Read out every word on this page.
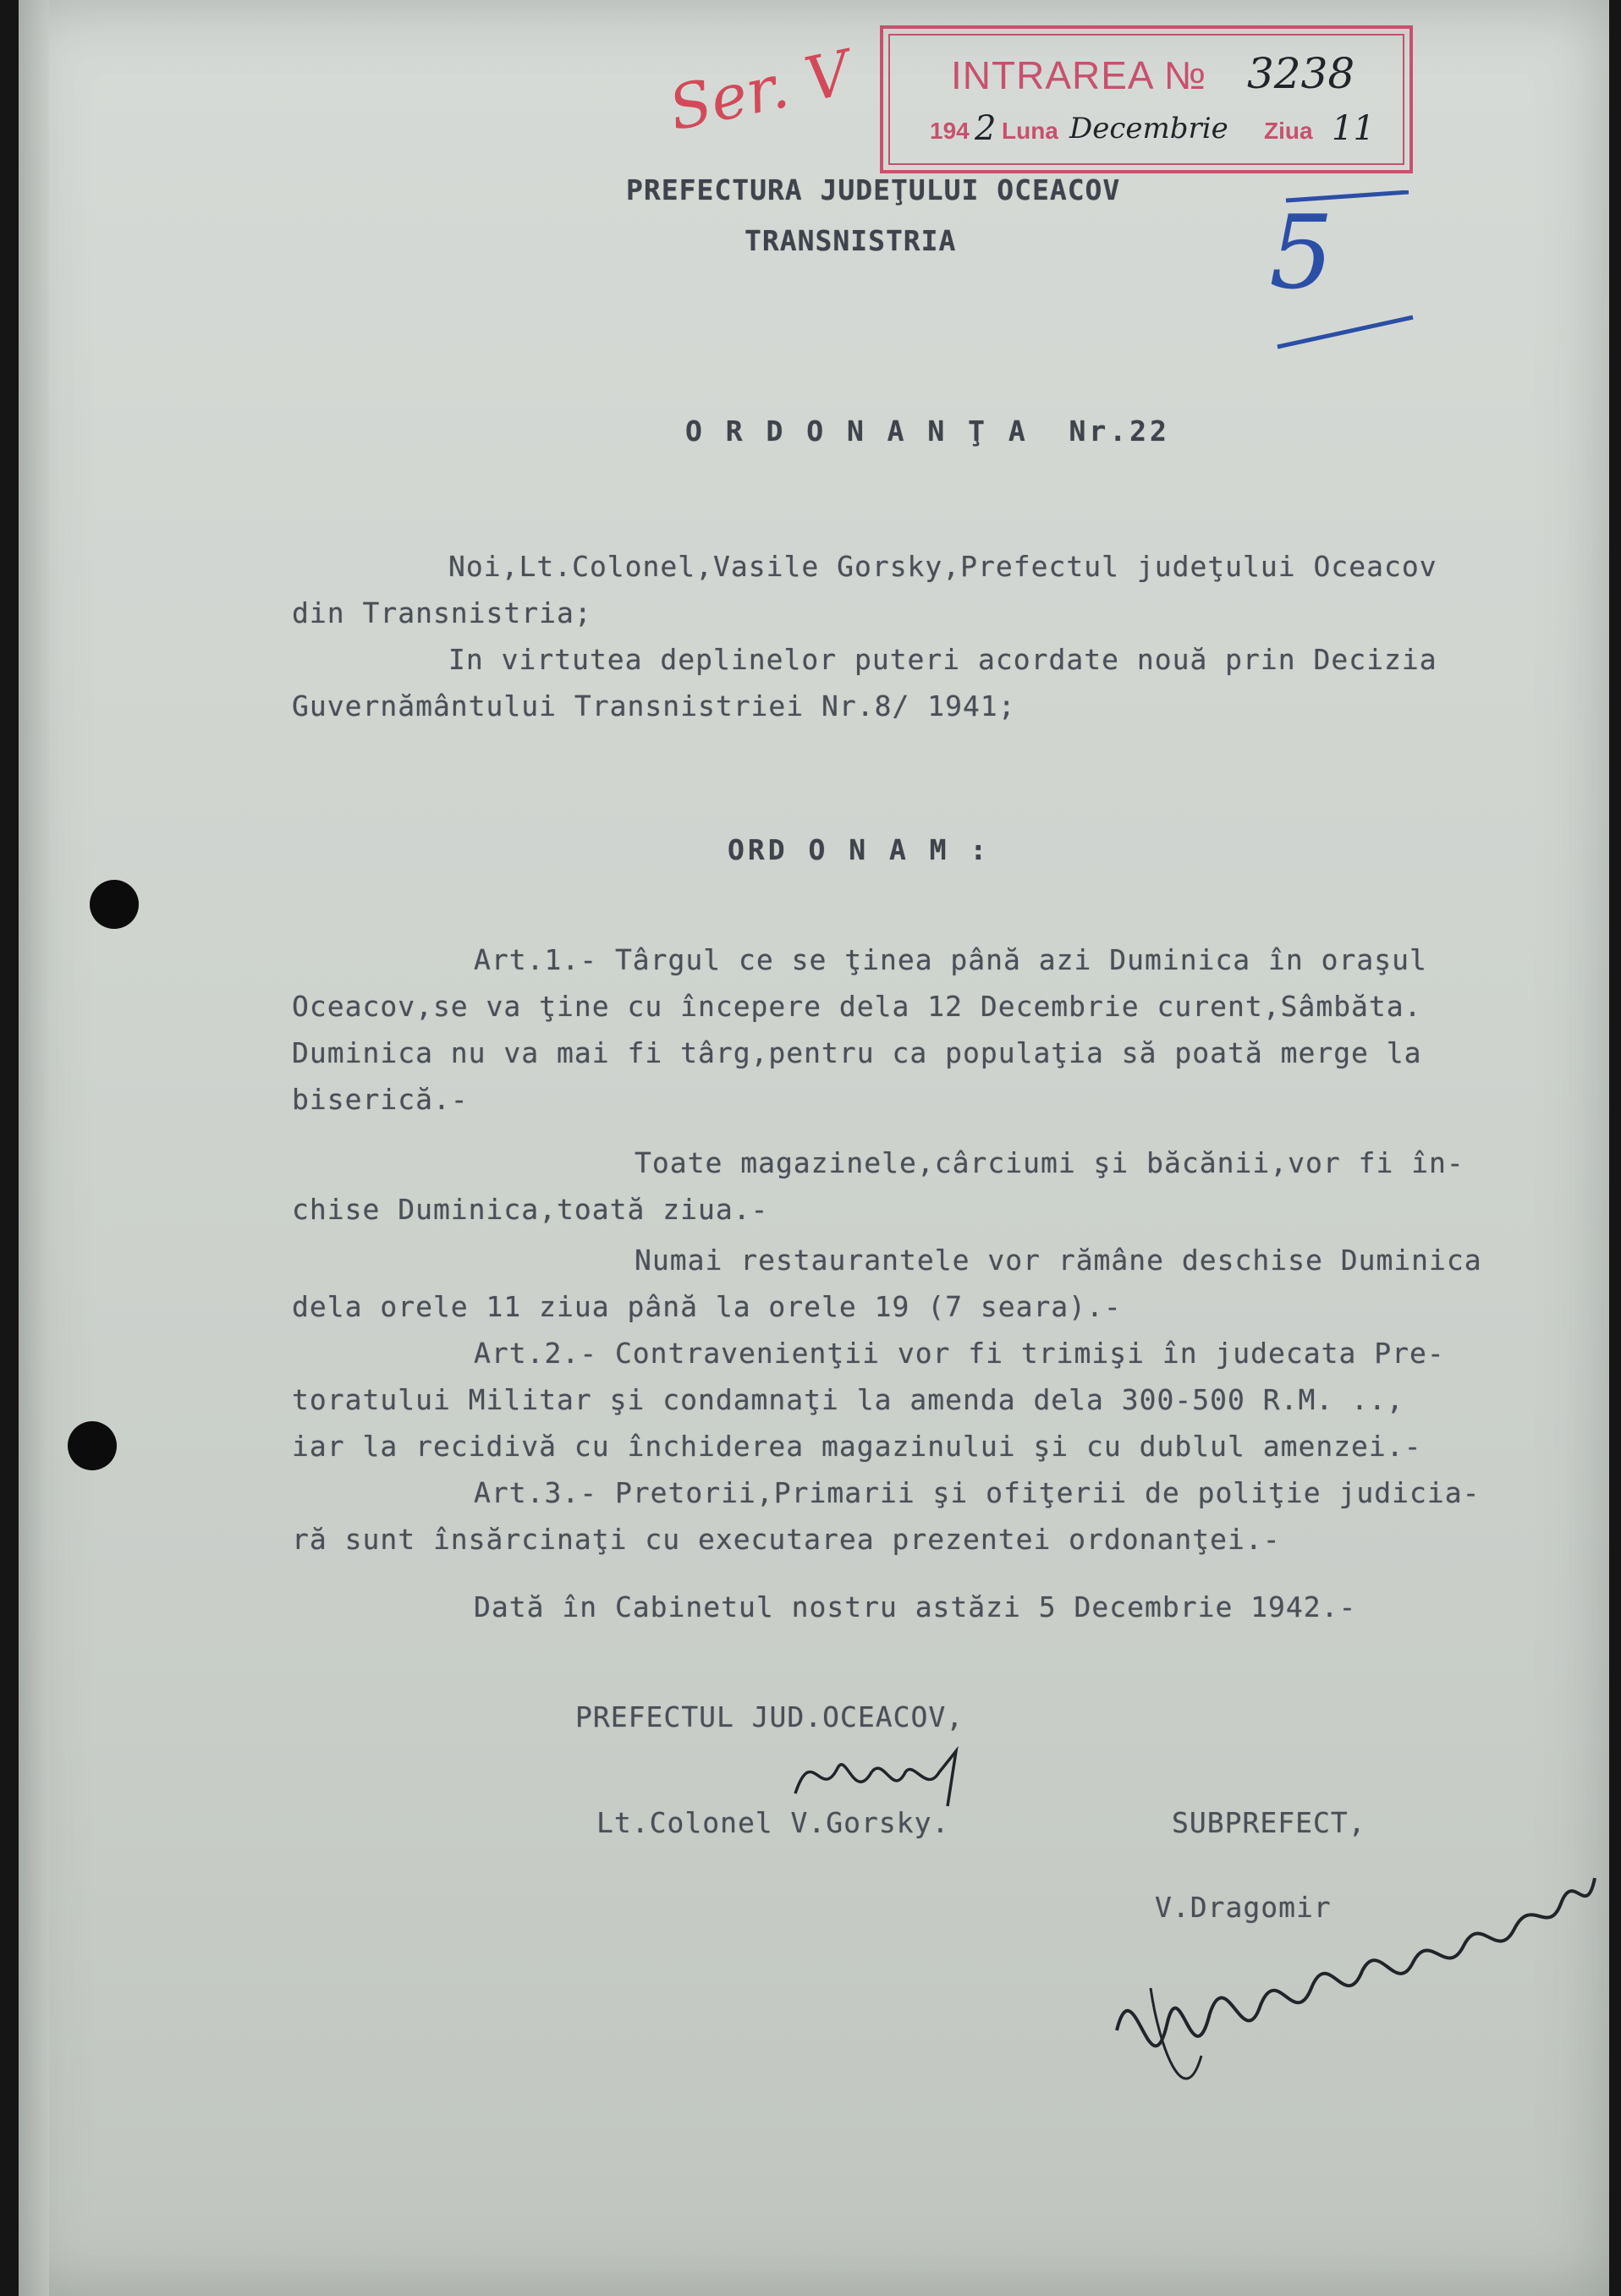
INTRAREA № 3238
194 2 Luna Decembrie Ziua 11
Ser. V
5
PREFECTURA JUDEŢULUI OCEACOV
TRANSNISTRIA
O R D O N A N Ţ A  Nr.22
Noi,Lt.Colonel,Vasile Gorsky,Prefectul judeţului Oceacov
din Transnistria;
In virtutea deplinelor puteri acordate nouă prin Decizia
Guvernământului Transnistriei Nr.8/ 1941;
ORD O N A M :
Art.1.- Târgul ce se ţinea până azi Duminica în oraşul
Oceacov,se va ţine cu începere dela 12 Decembrie curent,Sâmbăta.
Duminica nu va mai fi târg,pentru ca populaţia să poată merge la
biserică.-
Toate magazinele,cârciumi şi băcănii,vor fi în-
chise Duminica,toată ziua.-
Numai restaurantele vor rămâne deschise Duminica
dela orele 11 ziua până la orele 19 (7 seara).-
Art.2.- Contravenienţii vor fi trimişi în judecata Pre-
toratului Militar şi condamnaţi la amenda dela 300-500 R.M. ..,
iar la recidivă cu închiderea magazinului şi cu dublul amenzei.-
Art.3.- Pretorii,Primarii şi ofiţerii de poliţie judicia-
ră sunt însărcinaţi cu executarea prezentei ordonanţei.-
Dată în Cabinetul nostru astăzi 5 Decembrie 1942.-
PREFECTUL JUD.OCEACOV,
Lt.Colonel V.Gorsky.	SUBPREFECT,
V.Dragomir
